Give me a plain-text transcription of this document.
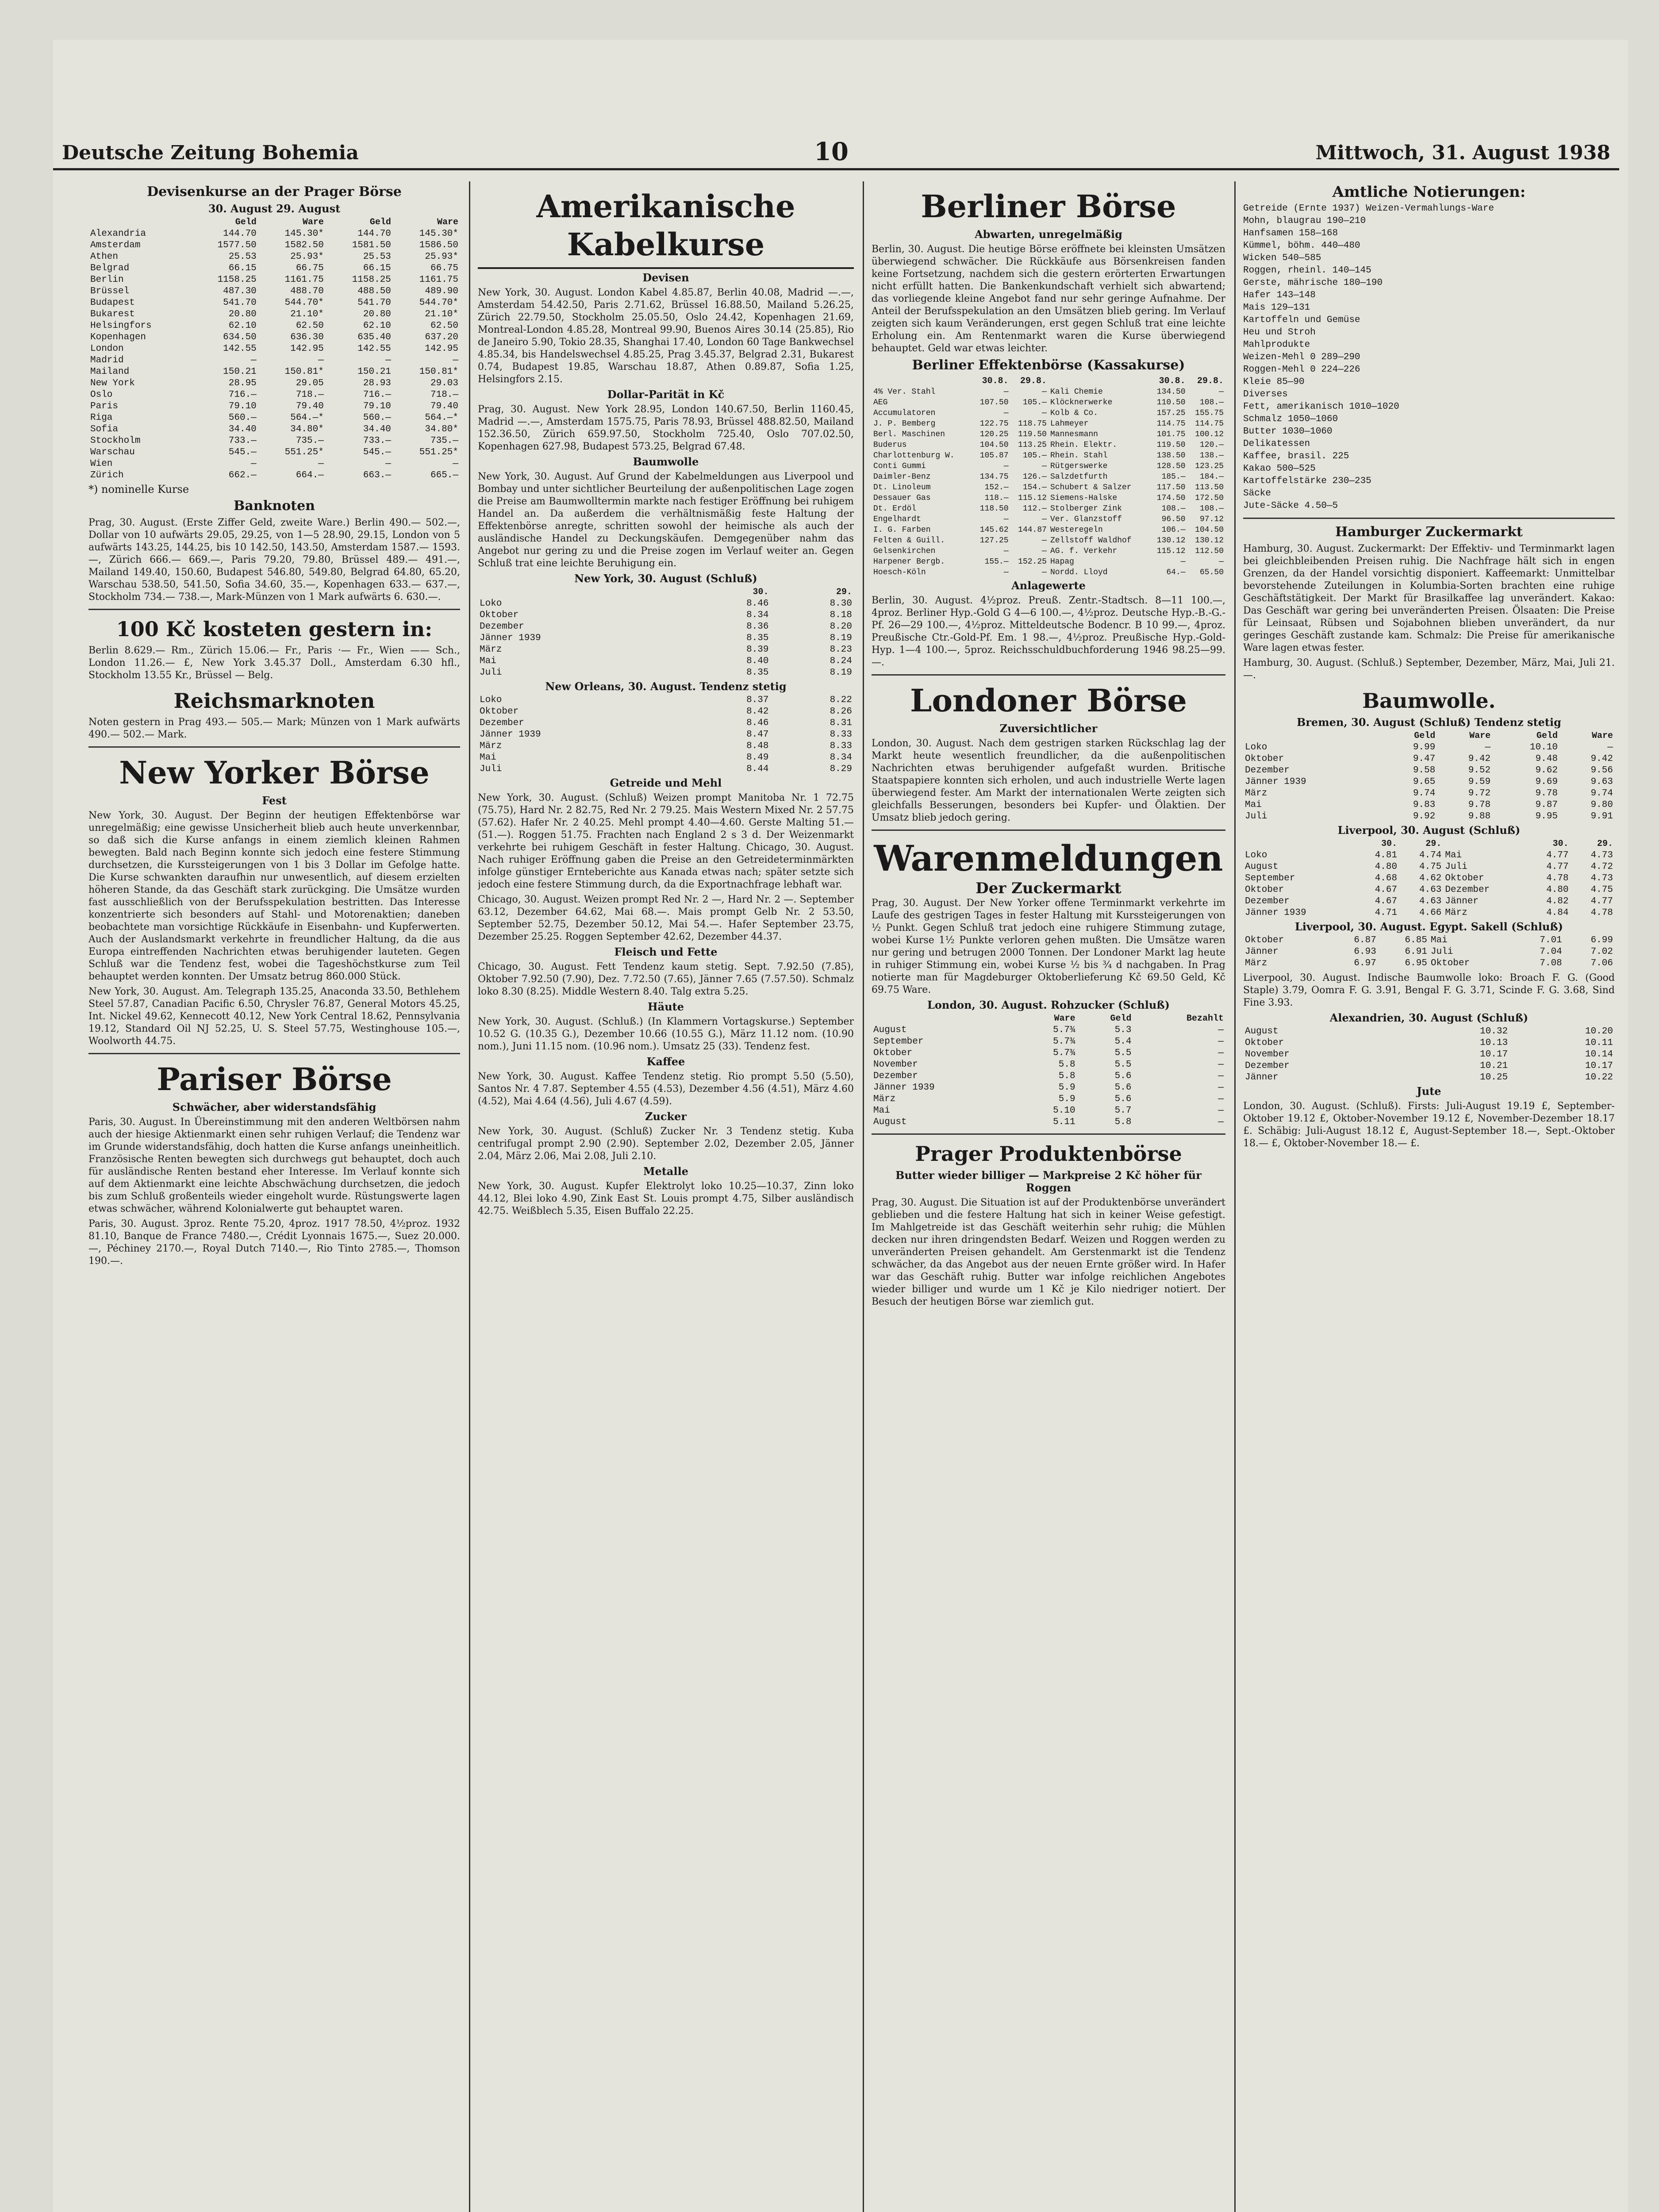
Deutsche Zeitung Bohemia	10	Mittwoch, 31. August 1938
Devisenkurse an der Prager Börse
30. August 29. August
	Geld	Ware	Geld	Ware
Alexandria	144.70	145.30*	144.70	145.30*
Amsterdam	1577.50	1582.50	1581.50	1586.50
Athen	25.53	25.93*	25.53	25.93*
Belgrad	66.15	66.75	66.15	66.75
Berlin	1158.25	1161.75	1158.25	1161.75
Brüssel	487.30	488.70	488.50	489.90
Budapest	541.70	544.70*	541.70	544.70*
Bukarest	20.80	21.10*	20.80	21.10*
Helsingfors	62.10	62.50	62.10	62.50
Kopenhagen	634.50	636.30	635.40	637.20
London	142.55	142.95	142.55	142.95
Madrid	—	—	—	—
Mailand	150.21	150.81*	150.21	150.81*
New York	28.95	29.05	28.93	29.03
Oslo	716.—	718.—	716.—	718.—
Paris	79.10	79.40	79.10	79.40
Riga	560.—	564.—*	560.—	564.—*
Sofia	34.40	34.80*	34.40	34.80*
Stockholm	733.—	735.—	733.—	735.—
Warschau	545.—	551.25*	545.—	551.25*
Wien	—	—	—	—
Zürich	662.—	664.—	663.—	665.—
*) nominelle Kurse
Banknoten
Prag, 30. August. (Erste Ziffer Geld, zweite Ware.) Berlin 490.— 502.—, Dollar von 10 aufwärts 29.05, 29.25, von 1—5 28.90, 29.15, London von 5 aufwärts 143.25, 144.25, bis 10 142.50, 143.50, Amsterdam 1587.— 1593.—, Zürich 666.— 669.—, Paris 79.20, 79.80, Brüssel 489.— 491.—, Mailand 149.40, 150.60, Budapest 546.80, 549.80, Belgrad 64.80, 65.20, Warschau 538.50, 541.50, Sofia 34.60, 35.—, Kopenhagen 633.— 637.—, Stockholm 734.— 738.—, Mark-Münzen von 1 Mark aufwärts 6. 630.—.
100 Kč kosteten gestern in:
Berlin 8.629.— Rm., Zürich 15.06.— Fr., Paris ·— Fr., Wien —— Sch., London 11.26.— £, New York 3.45.37 Doll., Amsterdam 6.30 hfl., Stockholm 13.55 Kr., Brüssel — Belg.
Reichsmarknoten
Noten gestern in Prag 493.— 505.— Mark; Münzen von 1 Mark aufwärts 490.— 502.— Mark.
New Yorker Börse
Fest
New York, 30. August. Der Beginn der heutigen Effektenbörse war unregelmäßig; eine gewisse Unsicherheit blieb auch heute unverkennbar, so daß sich die Kurse anfangs in einem ziemlich kleinen Rahmen bewegten. Bald nach Beginn konnte sich jedoch eine festere Stimmung durchsetzen, die Kurssteigerungen von 1 bis 3 Dollar im Gefolge hatte. Die Kurse schwankten daraufhin nur unwesentlich, auf diesem erzielten höheren Stande, da das Geschäft stark zurückging. Die Umsätze wurden fast ausschließlich von der Berufsspekulation bestritten. Das Interesse konzentrierte sich besonders auf Stahl- und Motorenaktien; daneben beobachtete man vorsichtige Rückkäufe in Eisenbahn- und Kupferwerten. Auch der Auslandsmarkt verkehrte in freundlicher Haltung, da die aus Europa eintreffenden Nachrichten etwas beruhigender lauteten. Gegen Schluß war die Tendenz fest, wobei die Tageshöchstkurse zum Teil behauptet werden konnten. Der Umsatz betrug 860.000 Stück.
New York, 30. August. Am. Telegraph 135.25, Anaconda 33.50, Bethlehem Steel 57.87, Canadian Pacific 6.50, Chrysler 76.87, General Motors 45.25, Int. Nickel 49.62, Kennecott 40.12, New York Central 18.62, Pennsylvania 19.12, Standard Oil NJ 52.25, U. S. Steel 57.75, Westinghouse 105.—, Woolworth 44.75.
Pariser Börse
Schwächer, aber widerstandsfähig
Paris, 30. August. In Übereinstimmung mit den anderen Weltbörsen nahm auch der hiesige Aktienmarkt einen sehr ruhigen Verlauf; die Tendenz war im Grunde widerstandsfähig, doch hatten die Kurse anfangs uneinheitlich. Französische Renten bewegten sich durchwegs gut behauptet, doch auch für ausländische Renten bestand eher Interesse. Im Verlauf konnte sich auf dem Aktienmarkt eine leichte Abschwächung durchsetzen, die jedoch bis zum Schluß großenteils wieder eingeholt wurde. Rüstungswerte lagen etwas schwächer, während Kolonialwerte gut behauptet waren.
Paris, 30. August. 3proz. Rente 75.20, 4proz. 1917 78.50, 4½proz. 1932 81.10, Banque de France 7480.—, Crédit Lyonnais 1675.—, Suez 20.000.—, Péchiney 2170.—, Royal Dutch 7140.—, Rio Tinto 2785.—, Thomson 190.—.
Amerikanische Kabelkurse
Devisen
New York, 30. August. London Kabel 4.85.87, Berlin 40.08, Madrid —.—, Amsterdam 54.42.50, Paris 2.71.62, Brüssel 16.88.50, Mailand 5.26.25, Zürich 22.79.50, Stockholm 25.05.50, Oslo 24.42, Kopenhagen 21.69, Montreal-London 4.85.28, Montreal 99.90, Buenos Aires 30.14 (25.85), Rio de Janeiro 5.90, Tokio 28.35, Shanghai 17.40, London 60 Tage Bankwechsel 4.85.34, bis Handelswechsel 4.85.25, Prag 3.45.37, Belgrad 2.31, Bukarest 0.74, Budapest 19.85, Warschau 18.87, Athen 0.89.87, Sofia 1.25, Helsingfors 2.15.
Dollar-Parität in Kč
Prag, 30. August. New York 28.95, London 140.67.50, Berlin 1160.45, Madrid —.—, Amsterdam 1575.75, Paris 78.93, Brüssel 488.82.50, Mailand 152.36.50, Zürich 659.97.50, Stockholm 725.40, Oslo 707.02.50, Kopenhagen 627.98, Budapest 573.25, Belgrad 67.48.
Baumwolle
New York, 30. August. Auf Grund der Kabelmeldungen aus Liverpool und Bombay und unter sichtlicher Beurteilung der außenpolitischen Lage zogen die Preise am Baumwolltermin markte nach festiger Eröffnung bei ruhigem Handel an. Da außerdem die verhältnismäßig feste Haltung der Effektenbörse anregte, schritten sowohl der heimische als auch der ausländische Handel zu Deckungskäufen. Demgegenüber nahm das Angebot nur gering zu und die Preise zogen im Verlauf weiter an. Gegen Schluß trat eine leichte Beruhigung ein.
New York, 30. August (Schluß)
	30.	29.
Loko	8.46	8.30
Oktober	8.34	8.18
Dezember	8.36	8.20
Jänner 1939	8.35	8.19
März	8.39	8.23
Mai	8.40	8.24
Juli	8.35	8.19
New Orleans, 30. August. Tendenz stetig
Loko	8.37	8.22
Oktober	8.42	8.26
Dezember	8.46	8.31
Jänner 1939	8.47	8.33
März	8.48	8.33
Mai	8.49	8.34
Juli	8.44	8.29
Getreide und Mehl
New York, 30. August. (Schluß) Weizen prompt Manitoba Nr. 1 72.75 (75.75), Hard Nr. 2 82.75, Red Nr. 2 79.25. Mais Western Mixed Nr. 2 57.75 (57.62). Hafer Nr. 2 40.25. Mehl prompt 4.40—4.60. Gerste Malting 51.— (51.—). Roggen 51.75. Frachten nach England 2 s 3 d. Der Weizenmarkt verkehrte bei ruhigem Geschäft in fester Haltung. Chicago, 30. August. Nach ruhiger Eröffnung gaben die Preise an den Getreideterminmärkten infolge günstiger Ernteberichte aus Kanada etwas nach; später setzte sich jedoch eine festere Stimmung durch, da die Exportnachfrage lebhaft war.
Chicago, 30. August. Weizen prompt Red Nr. 2 —, Hard Nr. 2 —. September 63.12, Dezember 64.62, Mai 68.—. Mais prompt Gelb Nr. 2 53.50, September 52.75, Dezember 50.12, Mai 54.—. Hafer September 23.75, Dezember 25.25. Roggen September 42.62, Dezember 44.37.
Fleisch und Fette
Chicago, 30. August. Fett Tendenz kaum stetig. Sept. 7.92.50 (7.85), Oktober 7.92.50 (7.90), Dez. 7.72.50 (7.65), Jänner 7.65 (7.57.50). Schmalz loko 8.30 (8.25). Middle Western 8.40. Talg extra 5.25.
Häute
New York, 30. August. (Schluß.) (In Klammern Vortagskurse.) September 10.52 G. (10.35 G.), Dezember 10.66 (10.55 G.), März 11.12 nom. (10.90 nom.), Juni 11.15 nom. (10.96 nom.). Umsatz 25 (33). Tendenz fest.
Kaffee
New York, 30. August. Kaffee Tendenz stetig. Rio prompt 5.50 (5.50), Santos Nr. 4 7.87. September 4.55 (4.53), Dezember 4.56 (4.51), März 4.60 (4.52), Mai 4.64 (4.56), Juli 4.67 (4.59).
Zucker
New York, 30. August. (Schluß) Zucker Nr. 3 Tendenz stetig. Kuba centrifugal prompt 2.90 (2.90). September 2.02, Dezember 2.05, Jänner 2.04, März 2.06, Mai 2.08, Juli 2.10.
Metalle
New York, 30. August. Kupfer Elektrolyt loko 10.25—10.37, Zinn loko 44.12, Blei loko 4.90, Zink East St. Louis prompt 4.75, Silber ausländisch 42.75. Weißblech 5.35, Eisen Buffalo 22.25.
Berliner Börse
Abwarten, unregelmäßig
Berlin, 30. August. Die heutige Börse eröffnete bei kleinsten Umsätzen überwiegend schwächer. Die Rückkäufe aus Börsenkreisen fanden keine Fortsetzung, nachdem sich die gestern erörterten Erwartungen nicht erfüllt hatten. Die Bankenkundschaft verhielt sich abwartend; das vorliegende kleine Angebot fand nur sehr geringe Aufnahme. Der Anteil der Berufsspekulation an den Umsätzen blieb gering. Im Verlauf zeigten sich kaum Veränderungen, erst gegen Schluß trat eine leichte Erholung ein. Am Rentenmarkt waren die Kurse überwiegend behauptet. Geld war etwas leichter.
Berliner Effektenbörse (Kassakurse)
	30.8.	29.8.		30.8.	29.8.
4% Ver. Stahl	—	—	Kali Chemie	134.50	—
AEG	107.50	105.—	Klöcknerwerke	110.50	108.—
Accumulatoren	—	—	Kolb & Co.	157.25	155.75
J. P. Bemberg	122.75	118.75	Lahmeyer	114.75	114.75
Berl. Maschinen	120.25	119.50	Mannesmann	101.75	100.12
Buderus	104.50	113.25	Rhein. Elektr.	119.50	120.—
Charlottenburg W.	105.87	105.—	Rhein. Stahl	138.50	138.—
Conti Gummi	—	—	Rütgerswerke	128.50	123.25
Daimler-Benz	134.75	126.—	Salzdetfurth	185.—	184.—
Dt. Linoleum	152.—	154.—	Schubert & Salzer	117.50	113.50
Dessauer Gas	118.—	115.12	Siemens-Halske	174.50	172.50
Dt. Erdöl	118.50	112.—	Stolberger Zink	108.—	108.—
Engelhardt	—	—	Ver. Glanzstoff	96.50	97.12
I. G. Farben	145.62	144.87	Westeregeln	106.—	104.50
Felten & Guill.	127.25	—	Zellstoff Waldhof	130.12	130.12
Gelsenkirchen	—	—	AG. f. Verkehr	115.12	112.50
Harpener Bergb.	155.—	152.25	Hapag	—	—
Hoesch-Köln	—	—	Nordd. Lloyd	64.—	65.50
Anlagewerte
Berlin, 30. August. 4½proz. Preuß. Zentr.-Stadtsch. 8—11 100.—, 4proz. Berliner Hyp.-Gold G 4—6 100.—, 4½proz. Deutsche Hyp.-B.-G.-Pf. 26—29 100.—, 4½proz. Mitteldeutsche Bodencr. B 10 99.—, 4proz. Preußische Ctr.-Gold-Pf. Em. 1 98.—, 4½proz. Preußische Hyp.-Gold-Hyp. 1—4 100.—, 5proz. Reichsschuldbuchforderung 1946 98.25—99.—.
Londoner Börse
Zuversichtlicher
London, 30. August. Nach dem gestrigen starken Rückschlag lag der Markt heute wesentlich freundlicher, da die außenpolitischen Nachrichten etwas beruhigender aufgefaßt wurden. Britische Staatspapiere konnten sich erholen, und auch industrielle Werte lagen überwiegend fester. Am Markt der internationalen Werte zeigten sich gleichfalls Besserungen, besonders bei Kupfer- und Ölaktien. Der Umsatz blieb jedoch gering.
Warenmeldungen
Der Zuckermarkt
Prag, 30. August. Der New Yorker offene Terminmarkt verkehrte im Laufe des gestrigen Tages in fester Haltung mit Kurssteigerungen von ½ Punkt. Gegen Schluß trat jedoch eine ruhigere Stimmung zutage, wobei Kurse 1½ Punkte verloren gehen mußten. Die Umsätze waren nur gering und betrugen 2000 Tonnen. Der Londoner Markt lag heute in ruhiger Stimmung ein, wobei Kurse ½ bis ¾ d nachgaben. In Prag notierte man für Magdeburger Oktoberlieferung Kč 69.50 Geld, Kč 69.75 Ware.
London, 30. August. Rohzucker (Schluß)
	Ware	Geld	Bezahlt
August	5.7¾	5.3	—
September	5.7¾	5.4	—
Oktober	5.7¾	5.5	—
November	5.8	5.5	—
Dezember	5.8	5.6	—
Jänner 1939	5.9	5.6	—
März	5.9	5.6	—
Mai	5.10	5.7	—
August	5.11	5.8	—
Prager Produktenbörse
Butter wieder billiger — Markpreise 2 Kč höher für Roggen
Prag, 30. August. Die Situation ist auf der Produktenbörse unverändert geblieben und die festere Haltung hat sich in keiner Weise gefestigt. Im Mahlgetreide ist das Geschäft weiterhin sehr ruhig; die Mühlen decken nur ihren dringendsten Bedarf. Weizen und Roggen werden zu unveränderten Preisen gehandelt. Am Gerstenmarkt ist die Tendenz schwächer, da das Angebot aus der neuen Ernte größer wird. In Hafer war das Geschäft ruhig. Butter war infolge reichlichen Angebotes wieder billiger und wurde um 1 Kč je Kilo niedriger notiert. Der Besuch der heutigen Börse war ziemlich gut.
Amtliche Notierungen:
Getreide (Ernte 1937) Weizen-Vermahlungs-Ware
Mohn, blaugrau 190—210
Hanfsamen 158—168
Kümmel, böhm. 440—480
Wicken 540—585
Roggen, rheinl. 140—145
Gerste, mährische 180—190
Hafer 143—148
Mais 129—131
Kartoffeln und Gemüse
Heu und Stroh
Mahlprodukte
Weizen-Mehl 0 289—290
Roggen-Mehl 0 224—226
Kleie 85—90
Diverses
Fett, amerikanisch 1010—1020
Schmalz 1050—1060
Butter 1030—1060
Delikatessen
Kaffee, brasil. 225
Kakao 500—525
Kartoffelstärke 230—235
Säcke
Jute-Säcke 4.50—5
Hamburger Zuckermarkt
Hamburg, 30. August. Zuckermarkt: Der Effektiv- und Terminmarkt lagen bei gleichbleibenden Preisen ruhig. Die Nachfrage hält sich in engen Grenzen, da der Handel vorsichtig disponiert. Kaffeemarkt: Unmittelbar bevorstehende Zuteilungen in Kolumbia-Sorten brachten eine ruhige Geschäftstätigkeit. Der Markt für Brasilkaffee lag unverändert. Kakao: Das Geschäft war gering bei unveränderten Preisen. Ölsaaten: Die Preise für Leinsaat, Rübsen und Sojabohnen blieben unverändert, da nur geringes Geschäft zustande kam. Schmalz: Die Preise für amerikanische Ware lagen etwas fester.
Hamburg, 30. August. (Schluß.) September, Dezember, März, Mai, Juli 21.—.
Baumwolle.
Bremen, 30. August (Schluß) Tendenz stetig
	Geld	Ware	Geld	Ware
Loko	9.99	—	10.10	—
Oktober	9.47	9.42	9.48	9.42
Dezember	9.58	9.52	9.62	9.56
Jänner 1939	9.65	9.59	9.69	9.63
März	9.74	9.72	9.78	9.74
Mai	9.83	9.78	9.87	9.80
Juli	9.92	9.88	9.95	9.91
Liverpool, 30. August (Schluß)
	30.	29.		30.	29.
Loko	4.81	4.74	Mai	4.77	4.73
August	4.80	4.75	Juli	4.77	4.72
September	4.68	4.62	Oktober	4.78	4.73
Oktober	4.67	4.63	Dezember	4.80	4.75
Dezember	4.67	4.63	Jänner	4.82	4.77
Jänner 1939	4.71	4.66	März	4.84	4.78
Liverpool, 30. August. Egypt. Sakell (Schluß)
Oktober	6.87	6.85	Mai	7.01	6.99
Jänner	6.93	6.91	Juli	7.04	7.02
März	6.97	6.95	Oktober	7.08	7.06
Liverpool, 30. August. Indische Baumwolle loko: Broach F. G. (Good Staple) 3.79, Oomra F. G. 3.91, Bengal F. G. 3.71, Scinde F. G. 3.68, Sind Fine 3.93.
Alexandrien, 30. August (Schluß)
August	10.32	10.20
Oktober	10.13	10.11
November	10.17	10.14
Dezember	10.21	10.17
Jänner	10.25	10.22
Jute
London, 30. August. (Schluß). Firsts: Juli-August 19.19 £, September-Oktober 19.12 £, Oktober-November 19.12 £, November-Dezember 18.17 £. Schäbig: Juli-August 18.12 £, August-September 18.—, Sept.-Oktober 18.— £, Oktober-November 18.— £.
